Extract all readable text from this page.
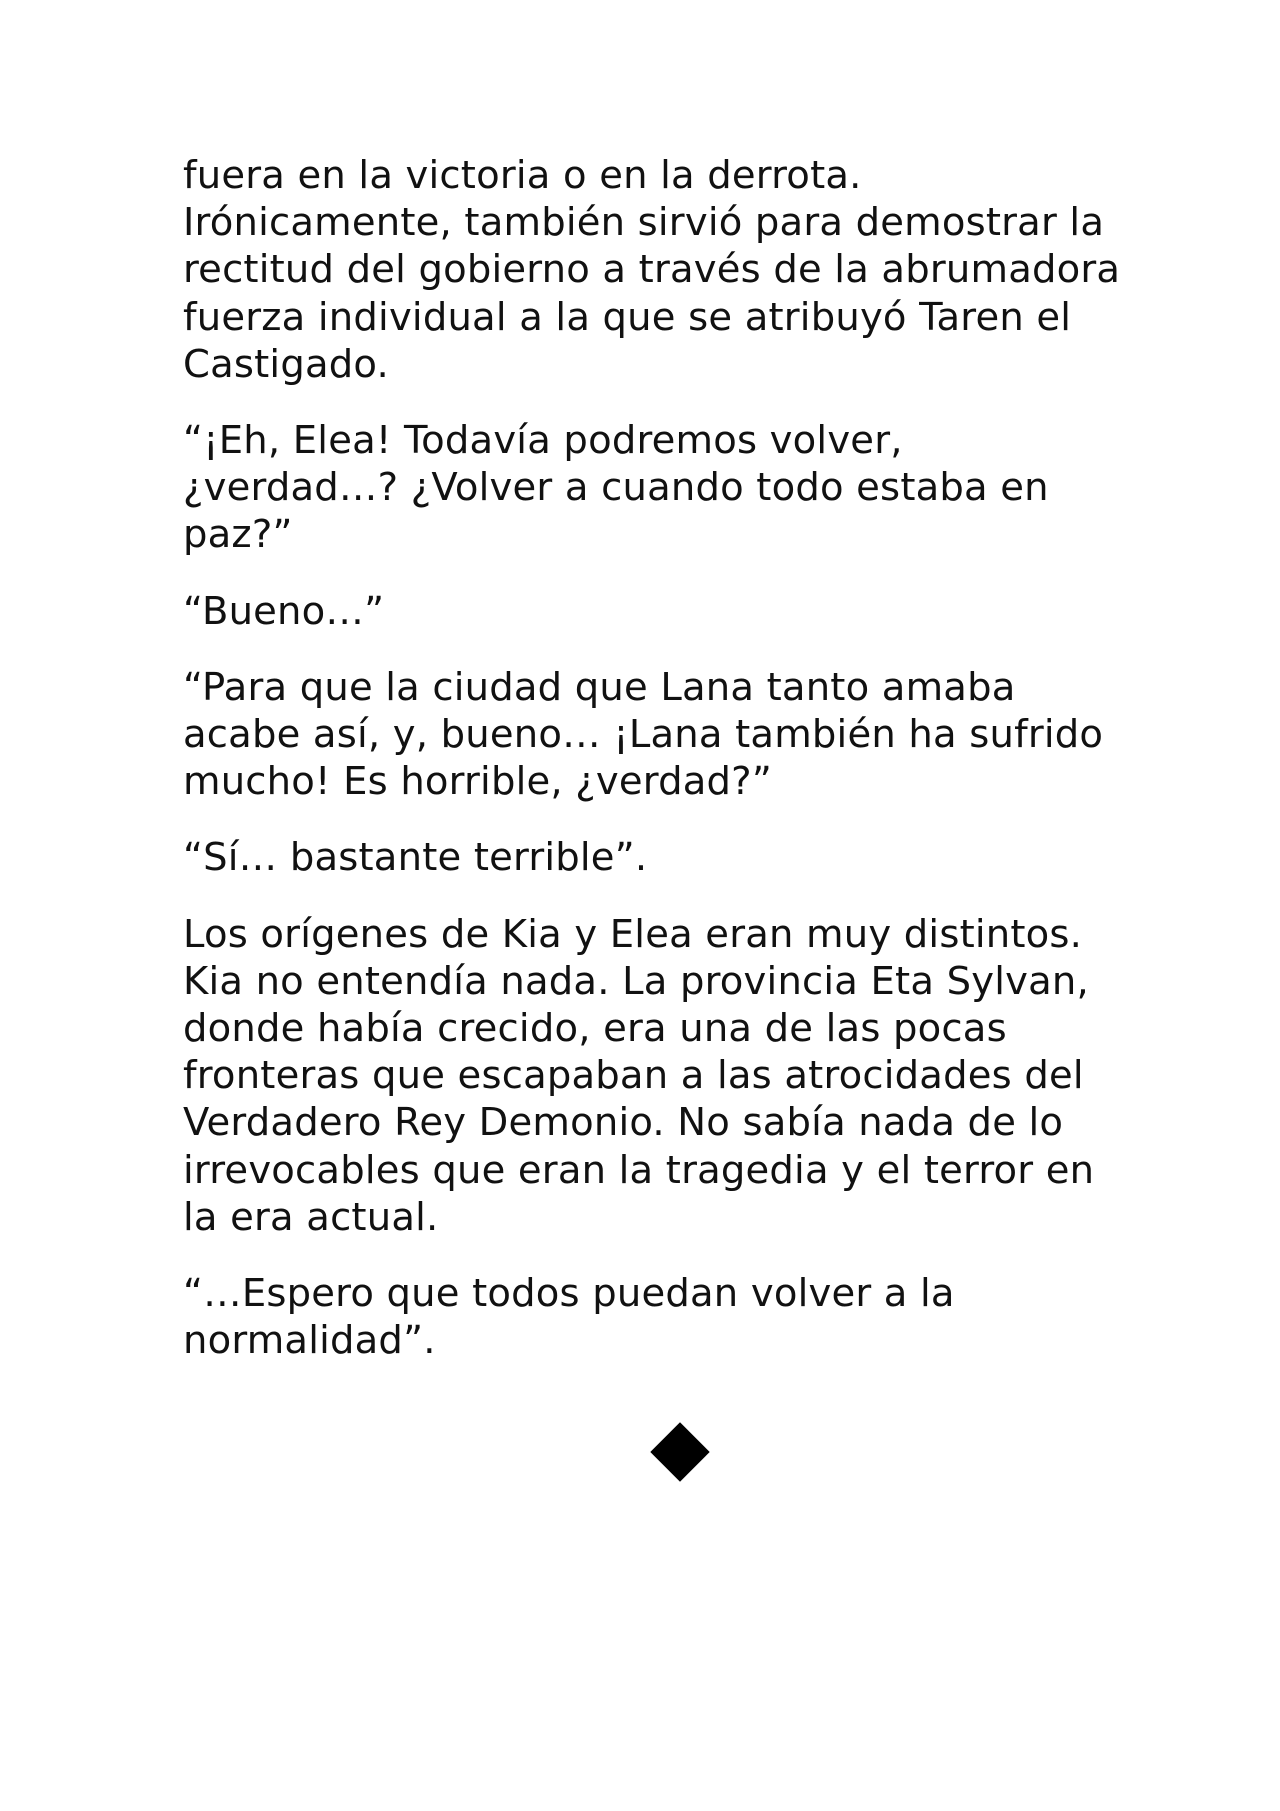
fuera en la victoria o en la derrota. Irónicamente, también sirvió para demostrar la rectitud del gobierno a través de la abrumadora fuerza individual a la que se atribuyó Taren el Castigado.

“¡Eh, Elea! Todavía podremos volver, ¿verdad…? ¿Volver a cuando todo estaba en paz?”

“Bueno…”

“Para que la ciudad que Lana tanto amaba acabe así, y, bueno… ¡Lana también ha sufrido mucho! Es horrible, ¿verdad?”

“Sí… bastante terrible”.

Los orígenes de Kia y Elea eran muy distintos. Kia no entendía nada. La provincia Eta Sylvan, donde había crecido, era una de las pocas fronteras que escapaban a las atrocidades del Verdadero Rey Demonio. No sabía nada de lo irrevocables que eran la tragedia y el terror en la era actual.

“…Espero que todos puedan volver a la normalidad”.
